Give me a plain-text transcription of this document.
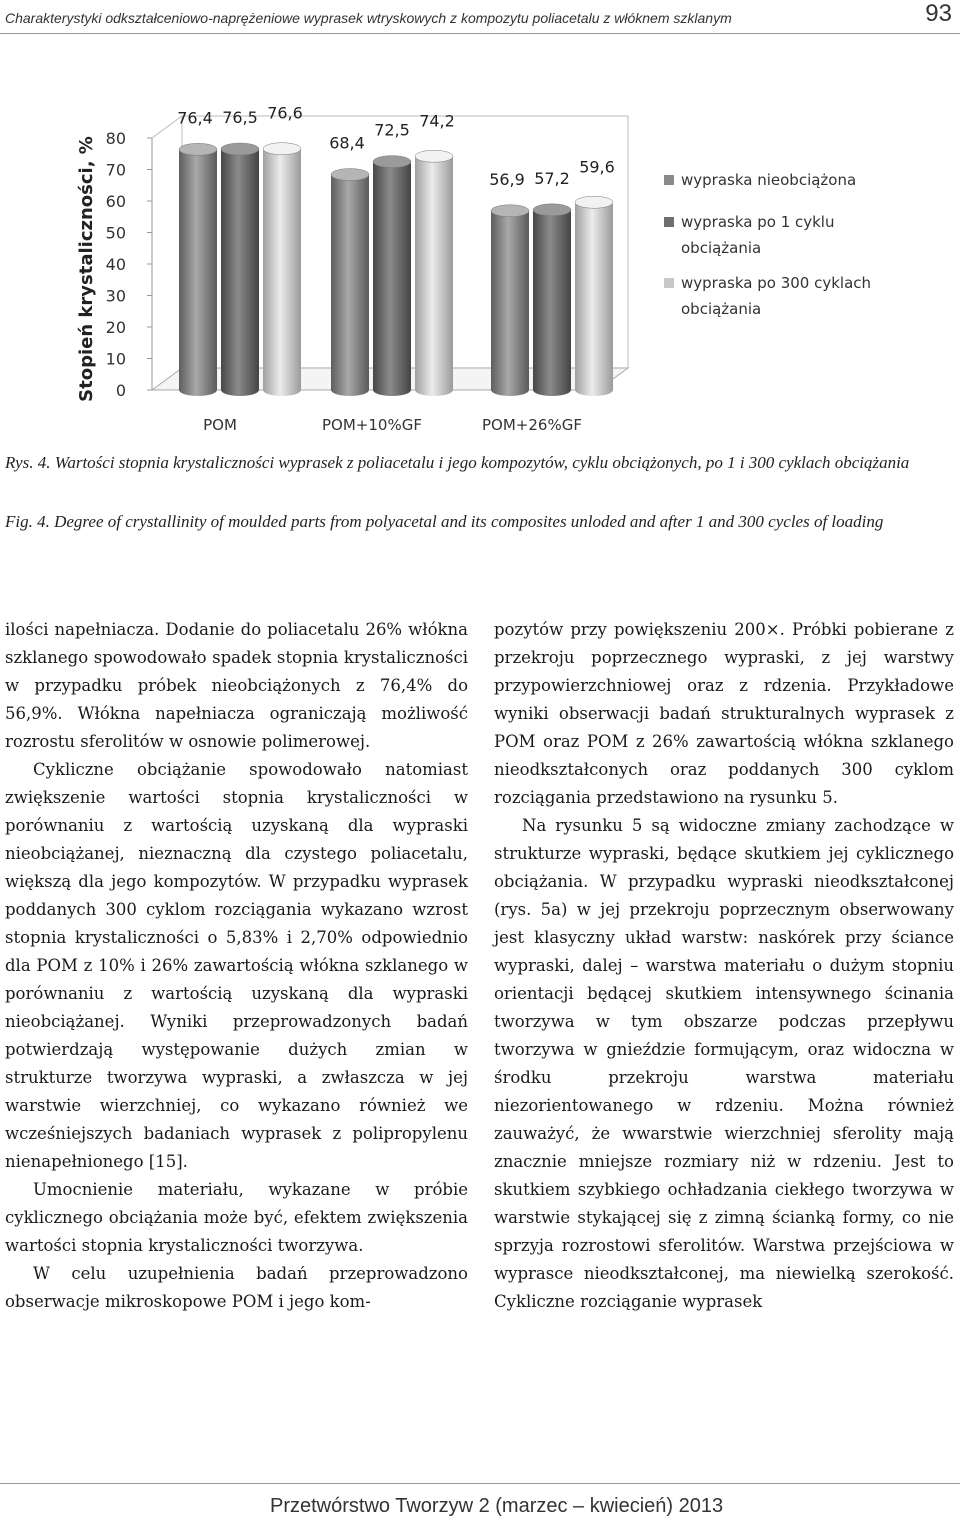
Charakterystyki odkształceniowo-naprężeniowe wyprasek wtryskowych z kompozytu poliacetalu z włóknem szklanym	93
0
10
20
30
40
50
60
70
80
Stopień krystaliczności, %
76,4 76,5 76,6
POM
68,4
72,5 74,2
POM+10%GF
56,9 57,2
59,6
POM+26%GF
wypraska nieobciążona
wypraska po 1 cyklu obciążania
wypraska po 300 cyklach obciążania
Rys. 4. Wartości stopnia krystaliczności wyprasek z poliacetalu i jego kompozytów, cyklu obciążonych, po 1 i 300 cyklach obciążania
Fig. 4. Degree of crystallinity of moulded parts from polyacetal and its composites unloded and after 1 and 300 cycles of loading

ilości napełniacza. Dodanie do poliacetalu 26% włókna szklanego spowodowało spadek stopnia krystaliczności w przypadku próbek nieobciążonych z 76,4% do 56,9%. Włókna napełniacza ograniczają możliwość rozrostu sferolitów w osnowie polimerowej.

Cykliczne obciążanie spowodowało natomiast zwiększenie wartości stopnia krystaliczności w porównaniu z wartością uzyskaną dla wypraski nieobciążanej, nieznaczną dla czystego poliacetalu, większą dla jego kompozytów. W przypadku wyprasek poddanych 300 cyklom rozciągania wykazano wzrost stopnia krystaliczności o 5,83% i 2,70% odpowiednio dla POM z 10% i 26% zawartością włókna szklanego w porównaniu z wartością uzyskaną dla wypraski nieobciążanej. Wyniki przeprowadzonych badań potwierdzają występowanie dużych zmian w strukturze tworzywa wypraski, a zwłaszcza w jej warstwie wierzchniej, co wykazano również we wcześniejszych badaniach wyprasek z polipropylenu nienapełnionego [15].

Umocnienie materiału, wykazane w próbie cyklicznego obciążania może być, efektem zwiększenia wartości stopnia krystaliczności tworzywa.

W celu uzupełnienia badań przeprowadzono obserwacje mikroskopowe POM i jego kom-

pozytów przy powiększeniu 200×. Próbki pobierane z przekroju poprzecznego wypraski, z jej warstwy przypowierzchniowej oraz z rdzenia. Przykładowe wyniki obserwacji badań strukturalnych wyprasek z POM oraz POM z 26% zawartością włókna szklanego nieodkształconych oraz poddanych 300 cyklom rozciągania przedstawiono na rysunku 5.

Na rysunku 5 są widoczne zmiany zachodzące w strukturze wypraski, będące skutkiem jej cyklicznego obciążania. W przypadku wypraski nieodkształconej (rys. 5a) w jej przekroju poprzecznym obserwowany jest klasyczny układ warstw: naskórek przy ściance wypraski, dalej – warstwa materiału o dużym stopniu orientacji będącej skutkiem intensywnego ścinania tworzywa w tym obszarze podczas przepływu tworzywa w gnieździe formującym, oraz widoczna w środku przekroju warstwa materiału niezorientowanego w rdzeniu. Można również zauważyć, że wwarstwie wierzchniej sferolity mają znacznie mniejsze rozmiary niż w rdzeniu. Jest to skutkiem szybkiego ochładzania ciekłego tworzywa w warstwie stykającej się z zimną ścianką formy, co nie sprzyja rozrostowi sferolitów. Warstwa przejściowa w wyprasce nieodkształconej, ma niewielką szerokość. Cykliczne rozciąganie wyprasek

Przetwórstwo Tworzyw 2 (marzec – kwiecień) 2013
